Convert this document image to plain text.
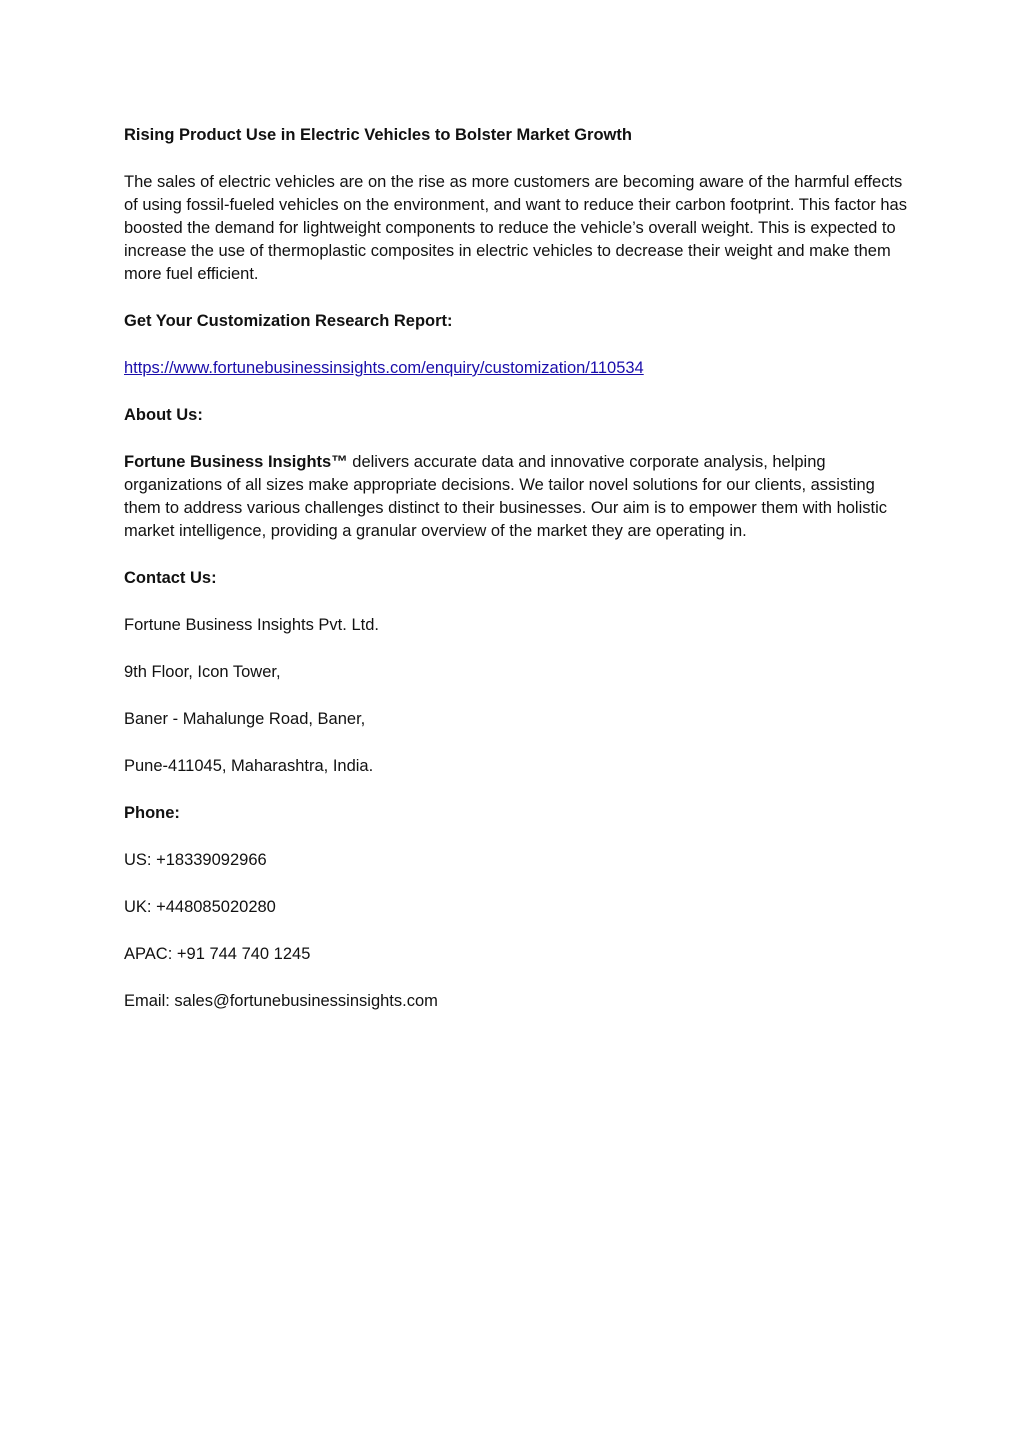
Rising Product Use in Electric Vehicles to Bolster Market Growth

The sales of electric vehicles are on the rise as more customers are becoming aware of the harmful effects of using fossil-fueled vehicles on the environment, and want to reduce their carbon footprint. This factor has boosted the demand for lightweight components to reduce the vehicle’s overall weight. This is expected to increase the use of thermoplastic composites in electric vehicles to decrease their weight and make them more fuel efficient.

Get Your Customization Research Report:
https://www.fortunebusinessinsights.com/enquiry/customization/110534
About Us:

Fortune Business Insights™ delivers accurate data and innovative corporate analysis, helping organizations of all sizes make appropriate decisions. We tailor novel solutions for our clients, assisting them to address various challenges distinct to their businesses. Our aim is to empower them with holistic market intelligence, providing a granular overview of the market they are operating in.

Contact Us:
Fortune Business Insights Pvt. Ltd.
9th Floor, Icon Tower,
Baner - Mahalunge Road, Baner,
Pune-411045, Maharashtra, India.
Phone:
US: +18339092966
UK: +448085020280
APAC: +91 744 740 1245
Email: sales@fortunebusinessinsights.com
